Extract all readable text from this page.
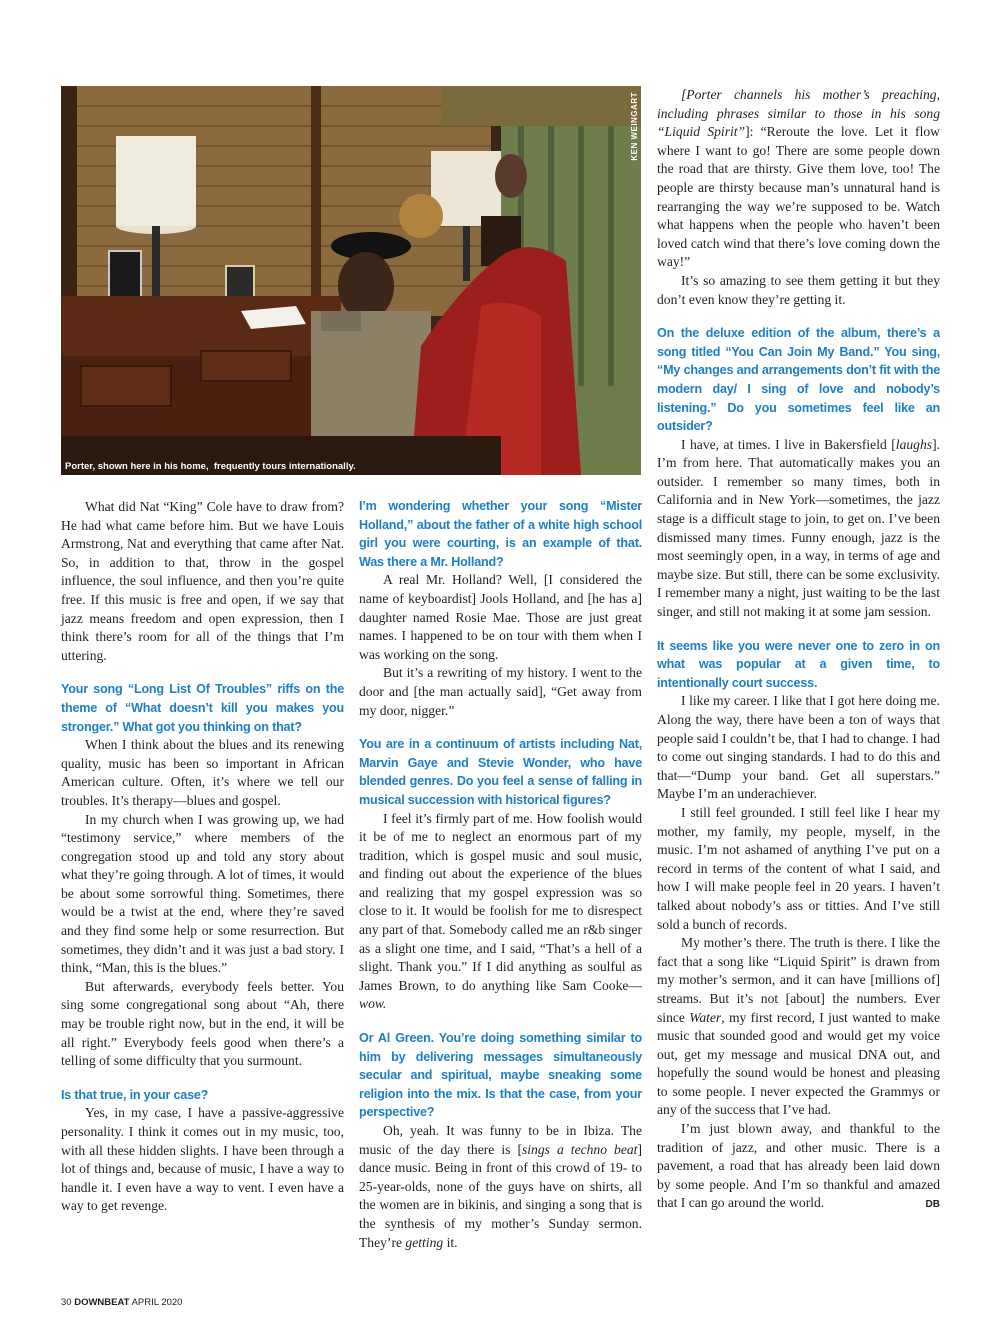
KEN WEINGART
Porter, shown here in his home,  frequently tours internationally.

What did Nat “King” Cole have to draw from? He had what came before him. But we have Louis Armstrong, Nat and everything that came after Nat. So, in addition to that, throw in the gospel influence, the soul influence, and then you’re quite free. If this music is free and open, if we say that jazz means freedom and open expression, then I think there’s room for all of the things that I’m uttering.

Your song “Long List Of Troubles” riffs on the theme of “What doesn’t kill you makes you stronger.” What got you thinking on that?

When I think about the blues and its renewing quality, music has been so important in African American culture. Often, it’s where we tell our troubles. It’s therapy—blues and gospel.

In my church when I was growing up, we had “testimony service,” where members of the congregation stood up and told any story about what they’re going through. A lot of times, it would be about some sorrowful thing. Sometimes, there would be a twist at the end, where they’re saved and they find some help or some resurrection. But sometimes, they didn’t and it was just a bad story. I think, “Man, this is the blues.”

But afterwards, everybody feels better. You sing some congregational song about “Ah, there may be trouble right now, but in the end, it will be all right.” Everybody feels good when there’s a telling of some difficulty that you surmount.

Is that true, in your case?

Yes, in my case, I have a passive-aggressive personality. I think it comes out in my music, too, with all these hidden slights. I have been through a lot of things and, because of music, I have a way to handle it. I even have a way to vent. I even have a way to get revenge.

I’m wondering whether your song “Mister Holland,” about the father of a white high school girl you were courting, is an example of that. Was there a Mr. Holland?

A real Mr. Holland? Well, [I considered the name of keyboardist] Jools Holland, and [he has a] daughter named Rosie Mae. Those are just great names. I happened to be on tour with them when I was working on the song.

But it’s a rewriting of my history. I went to the door and [the man actually said], “Get away from my door, nigger.”

You are in a continuum of artists including Nat, Marvin Gaye and Stevie Wonder, who have blended genres. Do you feel a sense of falling in musical succession with historical figures?

I feel it’s firmly part of me. How foolish would it be of me to neglect an enormous part of my tradition, which is gospel music and soul music, and finding out about the experience of the blues and realizing that my gospel expression was so close to it. It would be foolish for me to disrespect any part of that. Somebody called me an r&b singer as a slight one time, and I said, “That’s a hell of a slight. Thank you.” If I did anything as soulful as James Brown, to do anything like Sam Cooke—wow.

Or Al Green. You’re doing something similar to him by delivering messages simultaneously secular and spiritual, maybe sneaking some religion into the mix. Is that the case, from your perspective?

Oh, yeah. It was funny to be in Ibiza. The music of the day there is [sings a techno beat] dance music. Being in front of this crowd of 19- to 25-year-olds, none of the guys have on shirts, all the women are in bikinis, and singing a song that is the synthesis of my mother’s Sunday sermon. They’re getting it.

[Porter channels his mother’s preaching, including phrases similar to those in his song “Liquid Spirit”]: “Reroute the love. Let it flow where I want to go! There are some people down the road that are thirsty. Give them love, too! The people are thirsty because man’s unnatural hand is rearranging the way we’re supposed to be. Watch what happens when the people who haven’t been loved catch wind that there’s love coming down the way!”

It’s so amazing to see them getting it but they don’t even know they’re getting it.

On the deluxe edition of the album, there’s a song titled “You Can Join My Band.” You sing, “My changes and arrangements don’t fit with the modern day/ I sing of love and nobody’s listening.” Do you sometimes feel like an outsider?

I have, at times. I live in Bakersfield [laughs]. I’m from here. That automatically makes you an outsider. I remember so many times, both in California and in New York—sometimes, the jazz stage is a difficult stage to join, to get on. I’ve been dismissed many times. Funny enough, jazz is the most seemingly open, in a way, in terms of age and maybe size. But still, there can be some exclusivity. I remember many a night, just waiting to be the last singer, and still not making it at some jam session.

It seems like you were never one to zero in on what was popular at a given time, to intentionally court success.

I like my career. I like that I got here doing me. Along the way, there have been a ton of ways that people said I couldn’t be, that I had to change. I had to come out singing standards. I had to do this and that—“Dump your band. Get all superstars.” Maybe I’m an underachiever.

I still feel grounded. I still feel like I hear my mother, my family, my people, myself, in the music. I’m not ashamed of anything I’ve put on a record in terms of the content of what I said, and how I will make people feel in 20 years. I haven’t talked about nobody’s ass or titties. And I’ve still sold a bunch of records.

My mother’s there. The truth is there. I like the fact that a song like “Liquid Spirit” is drawn from my mother’s sermon, and it can have [millions of] streams. But it’s not [about] the numbers. Ever since Water, my first record, I just wanted to make music that sounded good and would get my voice out, get my message and musical DNA out, and hopefully the sound would be honest and pleasing to some people. I never expected the Grammys or any of the success that I’ve had.

I’m just blown away, and thankful to the tradition of jazz, and other music. There is a pavement, a road that has already been laid down by some people. And I’m so thankful and amazed that I can go around the world.	DB

30 DOWNBEAT APRIL 2020
